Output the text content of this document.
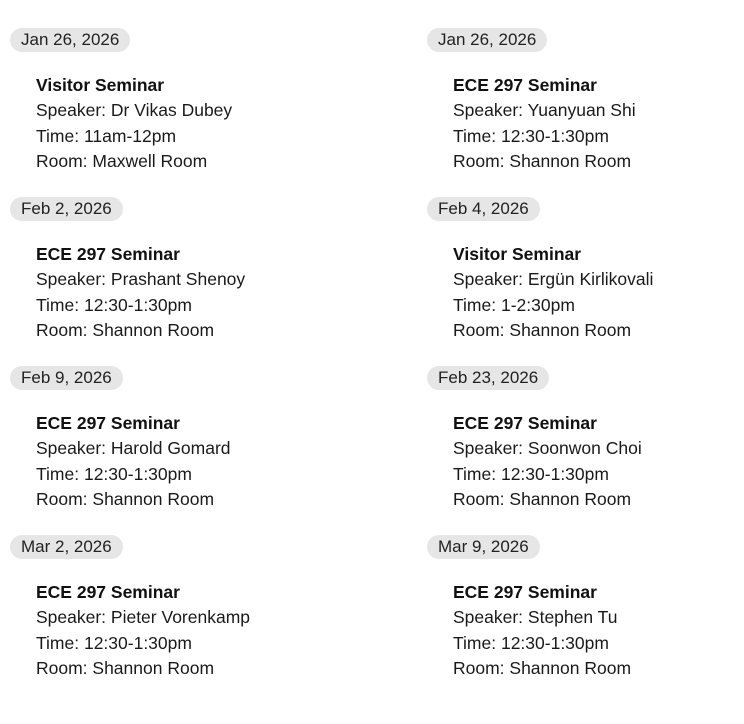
Jan 26, 2026
Visitor Seminar
Speaker: Dr Vikas Dubey
Time: 11am-12pm
Room: Maxwell Room
Jan 26, 2026
ECE 297 Seminar
Speaker: Yuanyuan Shi
Time: 12:30-1:30pm
Room: Shannon Room
Feb 2, 2026
ECE 297 Seminar
Speaker: Prashant Shenoy
Time: 12:30-1:30pm
Room: Shannon Room
Feb 4, 2026
Visitor Seminar
Speaker: Ergün Kirlikovali
Time: 1-2:30pm
Room: Shannon Room
Feb 9, 2026
ECE 297 Seminar
Speaker: Harold Gomard
Time: 12:30-1:30pm
Room: Shannon Room
Feb 23, 2026
ECE 297 Seminar
Speaker: Soonwon Choi
Time: 12:30-1:30pm
Room: Shannon Room
Mar 2, 2026
ECE 297 Seminar
Speaker: Pieter Vorenkamp
Time: 12:30-1:30pm
Room: Shannon Room
Mar 9, 2026
ECE 297 Seminar
Speaker: Stephen Tu
Time: 12:30-1:30pm
Room: Shannon Room
